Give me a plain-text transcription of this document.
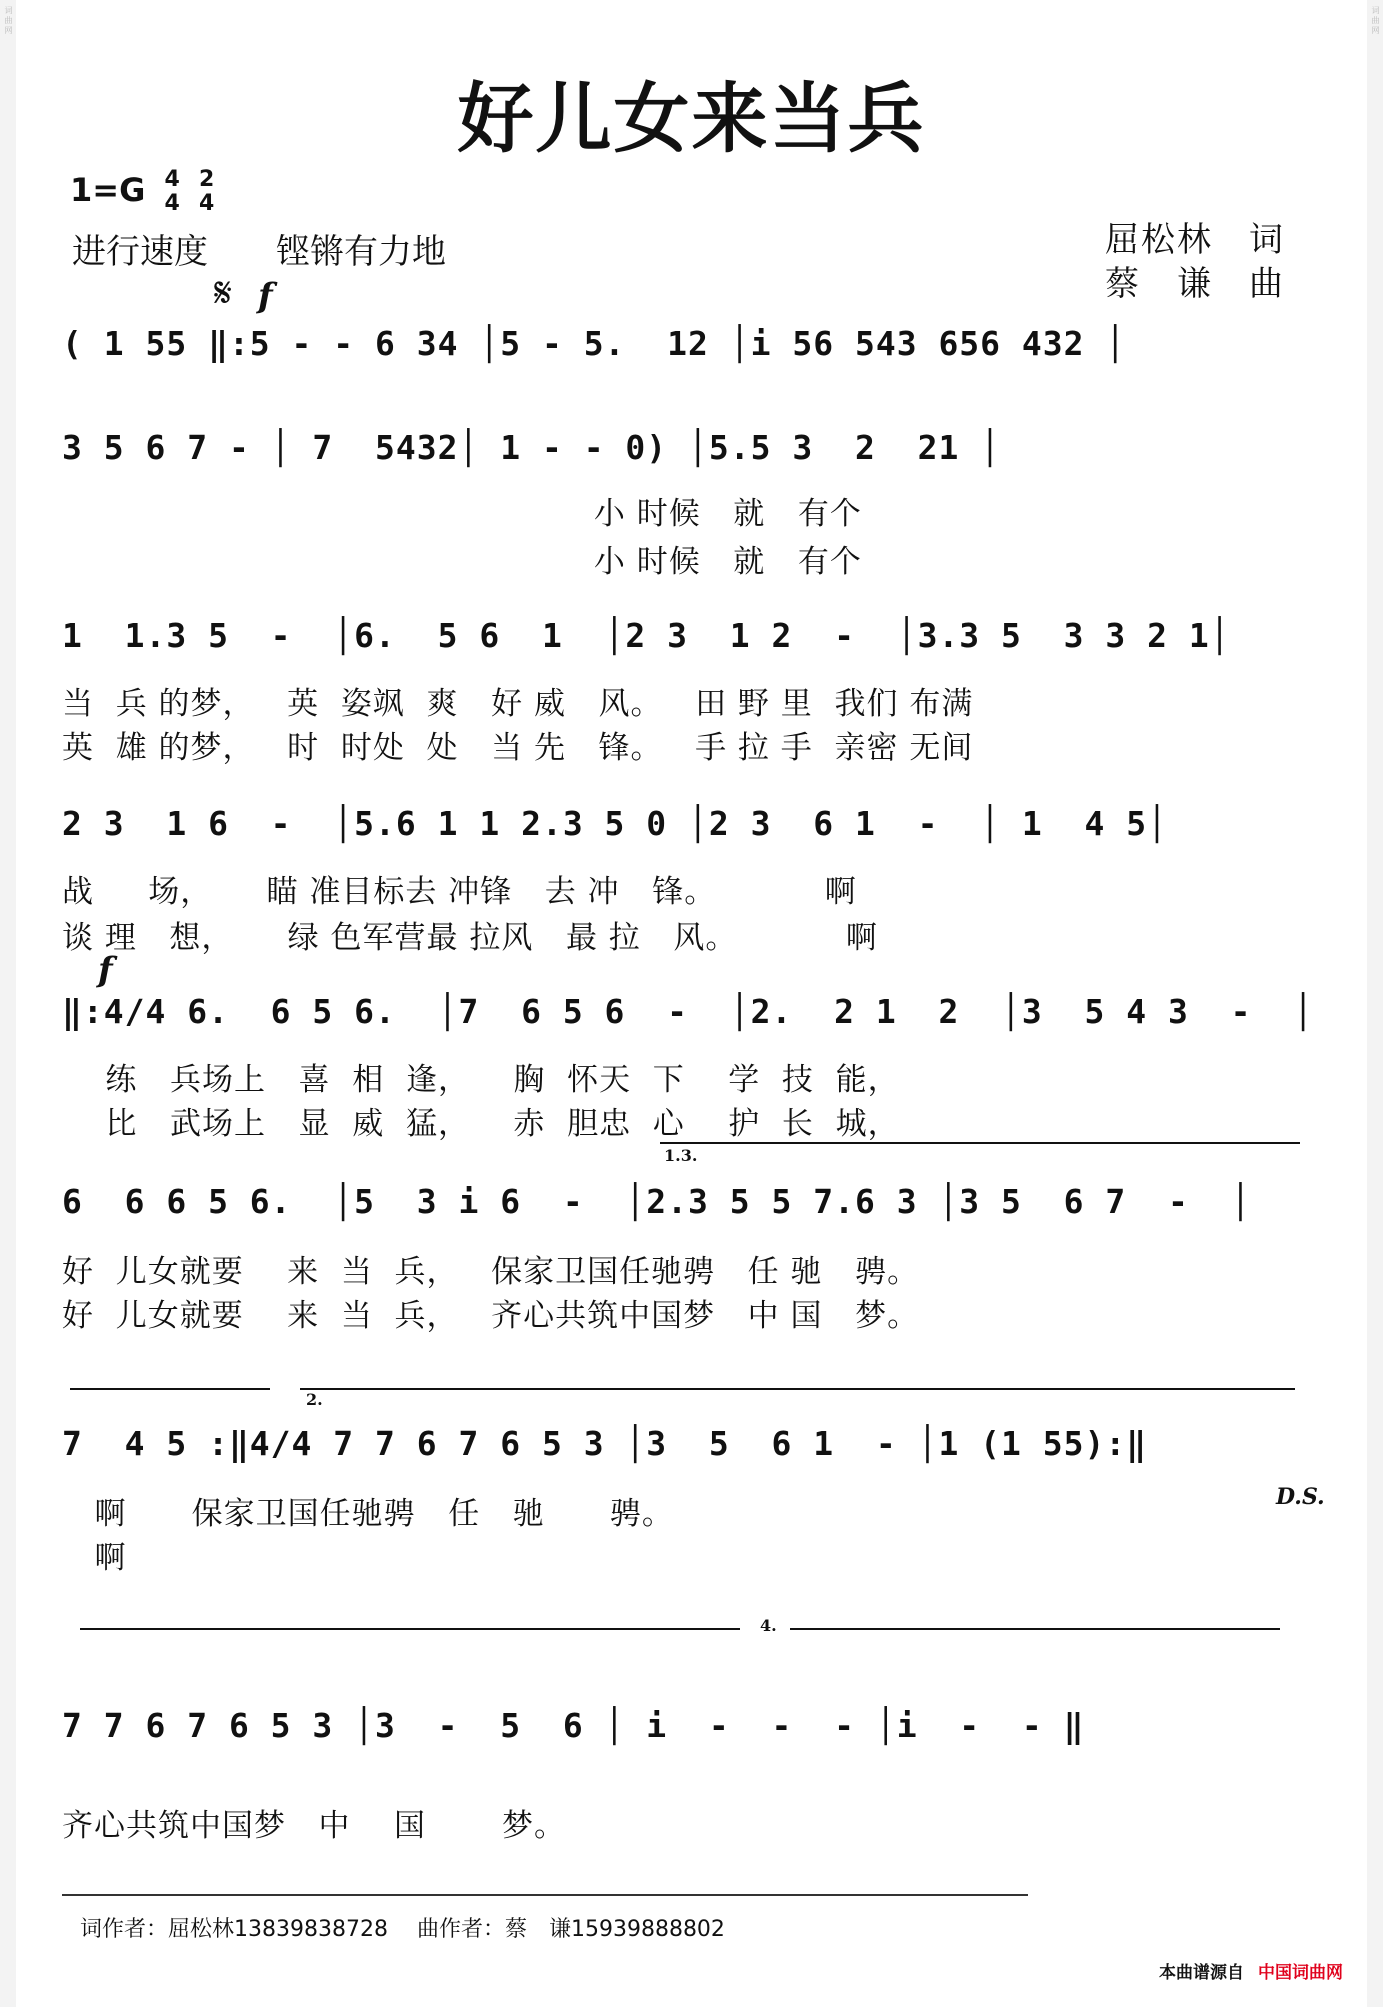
词曲网	词曲网
好儿女来当兵
1=G 4
4 2
4
进行速度　　铿锵有力地	屈松林　词
蔡　谦　曲
𝄋 f
( 1 55 ‖:5 - - 6 34 │5 - 5.  12 │i 56 543 656 432 │
3 5 6 7 - │ 7  5432│ 1 - - 0) │5.5 3  2  21 │
小 时候   就   有个
小 时候   就   有个
1  1.3 5  -  │6.  5 6  1  │2 3  1 2  -  │3.3 5  3 3 2 1│
当  兵 的梦，   英  姿飒  爽   好 威   风。   田 野 里  我们 布满
英  雄 的梦，   时  时处  处   当 先   锋。   手 拉 手  亲密 无间
2 3  1 6  -  │5.6 1 1 2.3 5 0 │2 3  6 1  -  │ 1  4 5│
战     场，     瞄 准目标去 冲锋   去 冲   锋。          啊
谈 理   想，     绿 色军营最 拉风   最 拉   风。          啊
f
‖:4/4 6.  6 5 6.  │7  6 5 6  -  │2.  2 1  2  │3  5 4 3  -  │
练   兵场上   喜  相  逢，    胸  怀天  下    学  技  能，
比   武场上   显  威  猛，    赤  胆忠  心    护  长  城，
1.3.
6  6 6 5 6.  │5  3 i 6  -  │2.3 5 5 7.6 3 │3 5  6 7  -  │
好  儿女就要    来  当  兵，   保家卫国任驰骋   任 驰   骋。
好  儿女就要    来  当  兵，   齐心共筑中国梦   中 国   梦。
2.
7  4 5 :‖4/4 7 7 6 7 6 5 3 │3  5  6 1  - │1 (1 55):‖
D.S.
啊      保家卫国任驰骋   任   驰      骋。
啊
4.
7 7 6 7 6 5 3 │3  -  5  6 │ i  -  -  - │i  -  - ‖
齐心共筑中国梦   中    国       梦。
词作者：屈松林13839838728　 曲作者：蔡　谦15939888802
本曲谱源自 中国词曲网
